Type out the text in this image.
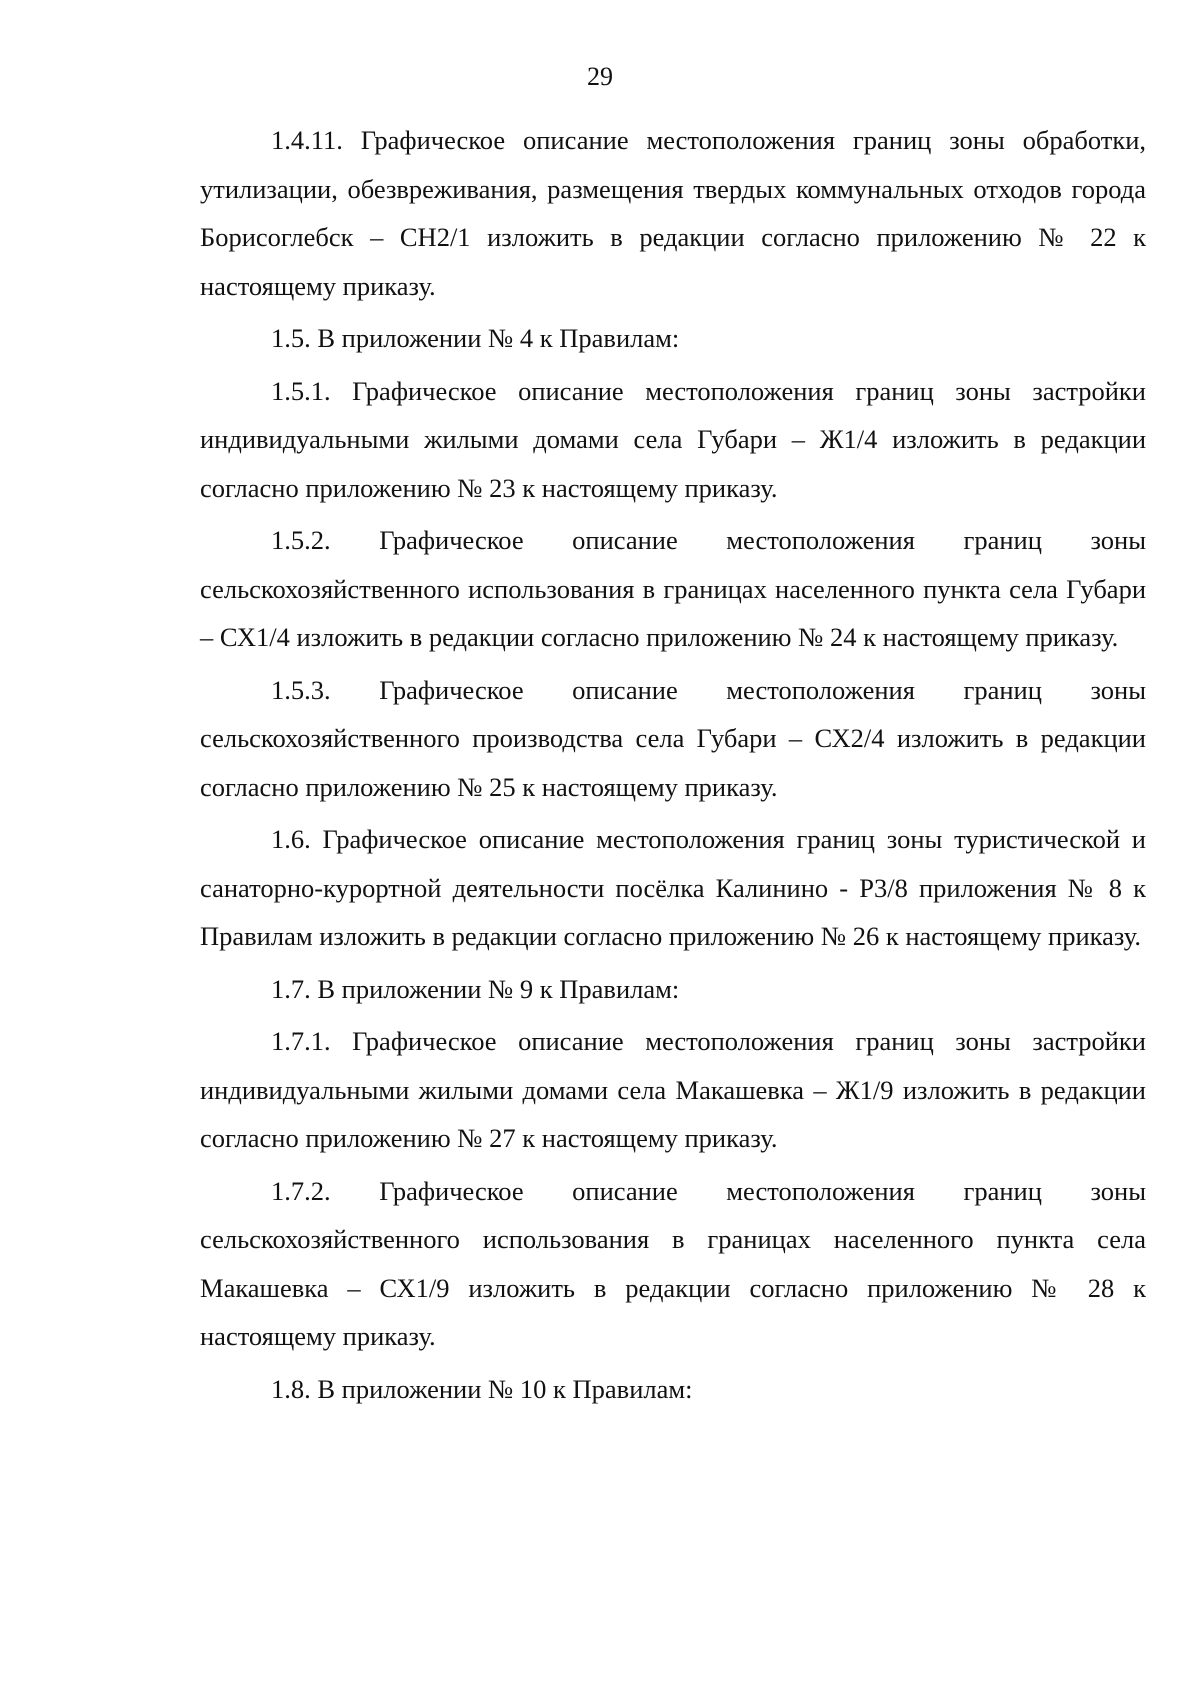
29

1.4.11. Графическое описание местоположения границ зоны обработки, утилизации, обезвреживания, размещения твердых коммунальных отходов города Борисоглебск – СН2/1 изложить в редакции согласно приложению № 22 к настоящему приказу.

1.5. В приложении № 4 к Правилам:

1.5.1. Графическое описание местоположения границ зоны застройки индивидуальными жилыми домами села Губари – Ж1/4 изложить в редакции согласно приложению № 23 к настоящему приказу.

1.5.2. Графическое описание местоположения границ зоны сельскохозяйственного использования в границах населенного пункта села Губари – СХ1/4 изложить в редакции согласно приложению № 24 к настоящему приказу.

1.5.3. Графическое описание местоположения границ зоны сельскохозяйственного производства села Губари – СХ2/4 изложить в редакции согласно приложению № 25 к настоящему приказу.

1.6. Графическое описание местоположения границ зоны туристической и санаторно-курортной деятельности посёлка Калинино - Р3/8 приложения № 8 к Правилам изложить в редакции согласно приложению № 26 к настоящему приказу.

1.7. В приложении № 9 к Правилам:

1.7.1. Графическое описание местоположения границ зоны застройки индивидуальными жилыми домами села Макашевка – Ж1/9 изложить в редакции согласно приложению № 27 к настоящему приказу.

1.7.2. Графическое описание местоположения границ зоны сельскохозяйственного использования в границах населенного пункта села Макашевка – СХ1/9 изложить в редакции согласно приложению № 28 к настоящему приказу.

1.8. В приложении № 10 к Правилам:
